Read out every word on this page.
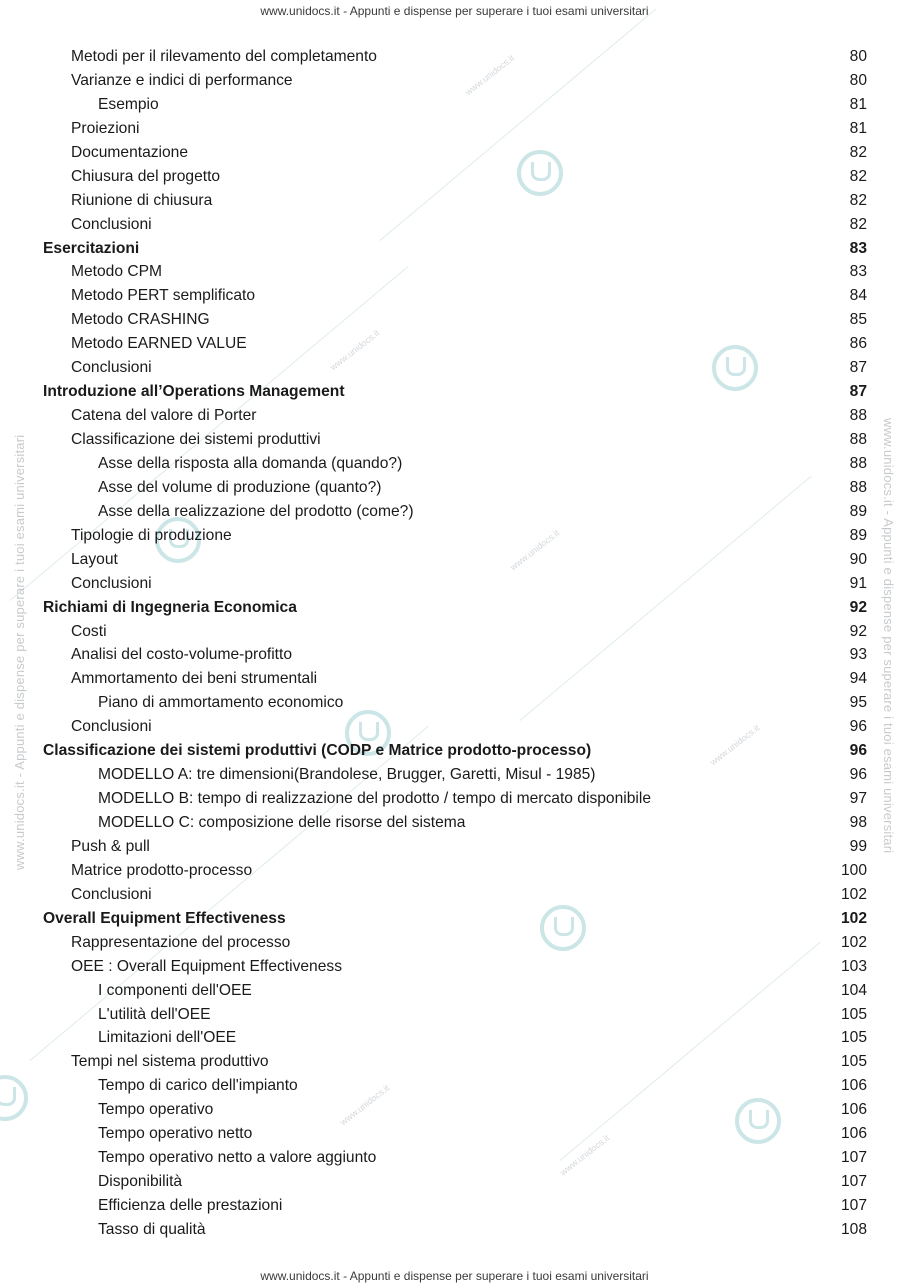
www.unidocs.it
www.unidocs.it
www.unidocs.it
www.unidocs.it
www.unidocs.it
www.unidocs.it
www.unidocs.it - Appunti e dispense per superare i tuoi esami universitari	www.unidocs.it - Appunti e dispense per superare i tuoi esami universitari
www.unidocs.it - Appunti e dispense per superare i tuoi esami universitari
Metodi per il rilevamento del completamento	80
Varianze e indici di performance	80
Esempio	81
Proiezioni	81
Documentazione	82
Chiusura del progetto	82
Riunione di chiusura	82
Conclusioni	82
Esercitazioni	83
Metodo CPM	83
Metodo PERT semplificato	84
Metodo CRASHING	85
Metodo EARNED VALUE	86
Conclusioni	87
Introduzione all’Operations Management	87
Catena del valore di Porter	88
Classificazione dei sistemi produttivi	88
Asse della risposta alla domanda (quando?)	88
Asse del volume di produzione (quanto?)	88
Asse della realizzazione del prodotto (come?)	89
Tipologie di produzione	89
Layout	90
Conclusioni	91
Richiami di Ingegneria Economica	92
Costi	92
Analisi del costo-volume-profitto	93
Ammortamento dei beni strumentali	94
Piano di ammortamento economico	95
Conclusioni	96
Classificazione dei sistemi produttivi (CODP e Matrice prodotto-processo)	96
MODELLO A: tre dimensioni(Brandolese, Brugger, Garetti, Misul - 1985)	96
MODELLO B: tempo di realizzazione del prodotto / tempo di mercato disponibile	97
MODELLO C: composizione delle risorse del sistema	98
Push & pull	99
Matrice prodotto-processo	100
Conclusioni	102
Overall Equipment Effectiveness	102
Rappresentazione del processo	102
OEE : Overall Equipment Effectiveness	103
I componenti dell'OEE	104
L'utilità dell'OEE	105
Limitazioni dell'OEE	105
Tempi nel sistema produttivo	105
Tempo di carico dell'impianto	106
Tempo operativo	106
Tempo operativo netto	106
Tempo operativo netto a valore aggiunto	107
Disponibilità	107
Efficienza delle prestazioni	107
Tasso di qualità	108
www.unidocs.it - Appunti e dispense per superare i tuoi esami universitari
